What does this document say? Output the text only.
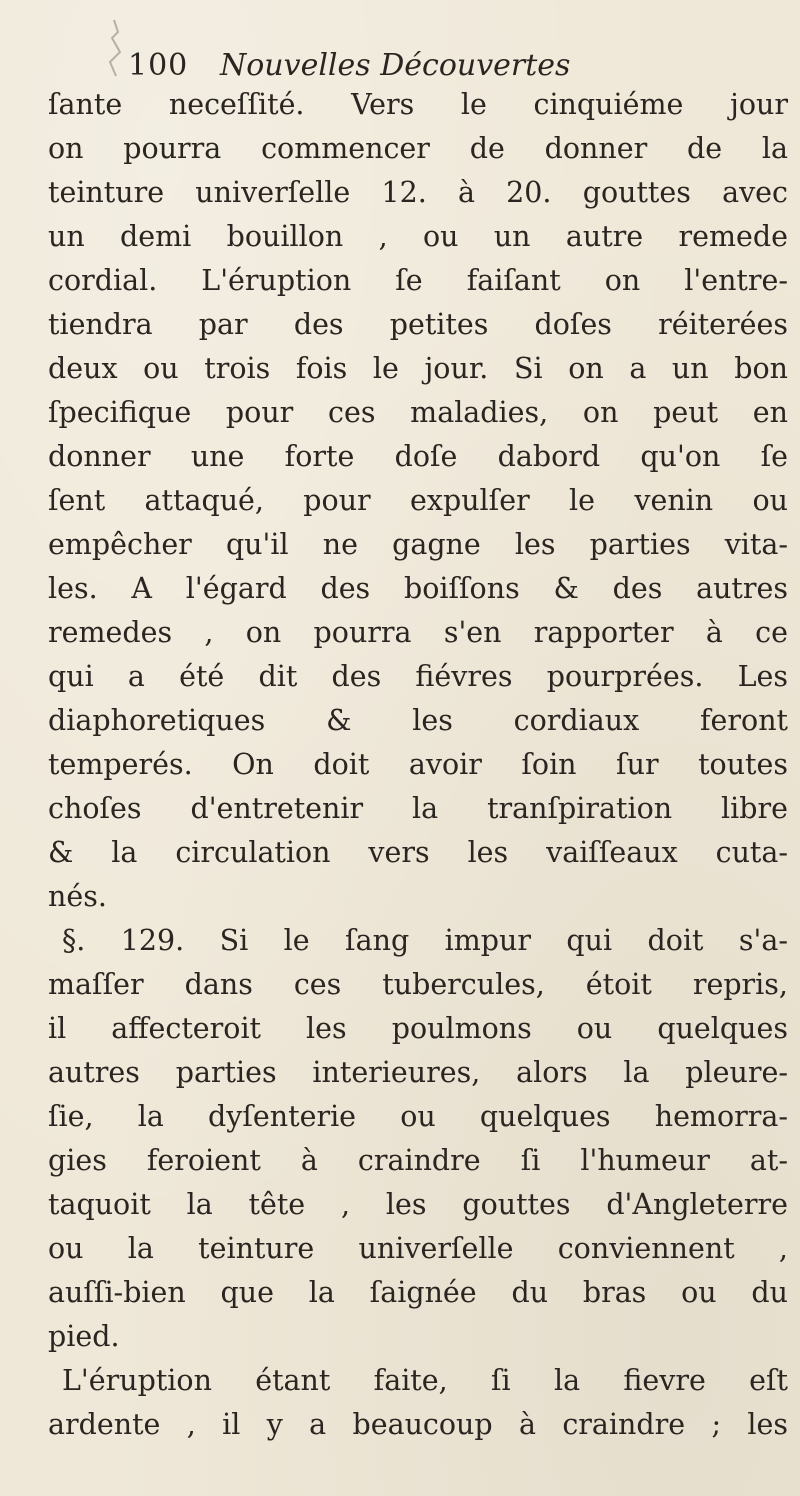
100 Nouvelles Découvertes
ſante neceſſité. Vers le cinquiéme jour
on pourra commencer de donner de la
teinture univerſelle 12. à 20. gouttes avec
un demi bouillon , ou un autre remede
cordial. L'éruption ſe faiſant on l'entre-
tiendra par des petites doſes réiterées
deux ou trois fois le jour. Si on a un bon
ſpecifique pour ces maladies, on peut en
donner une forte doſe dabord qu'on ſe
ſent attaqué, pour expulſer le venin ou
empêcher qu'il ne gagne les parties vita-
les. A l'égard des boiſſons & des autres
remedes , on pourra s'en rapporter à ce
qui a été dit des fiévres pourprées. Les
diaphoretiques & les cordiaux feront
temperés. On doit avoir ſoin ſur toutes
choſes d'entretenir la tranſpiration libre
& la circulation vers les vaiſſeaux cuta-
nés.
§. 129. Si le ſang impur qui doit s'a-
maſſer dans ces tubercules, étoit repris,
il affecteroit les poulmons ou quelques
autres parties interieures, alors la pleure-
ſie, la dyſenterie ou quelques hemorra-
gies feroient à craindre ſi l'humeur at-
taquoit la tête , les gouttes d'Angleterre
ou la teinture univerſelle conviennent ,
auſſi-bien que la ſaignée du bras ou du
pied.
L'éruption étant faite, ſi la fievre eſt
ardente , il y a beaucoup à craindre ; les
